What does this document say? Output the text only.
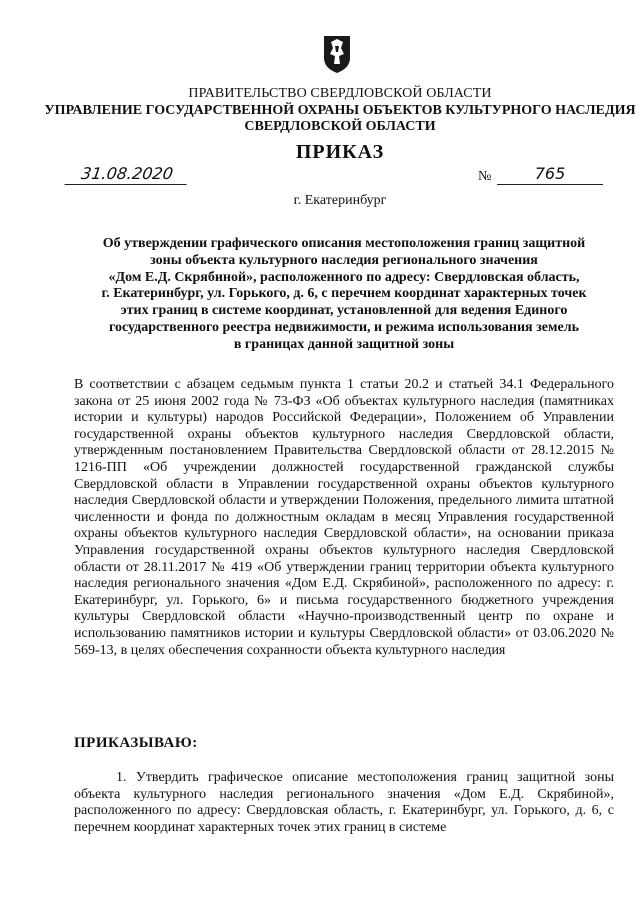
ПРАВИТЕЛЬСТВО СВЕРДЛОВСКОЙ ОБЛАСТИ
УПРАВЛЕНИЕ ГОСУДАРСТВЕННОЙ ОХРАНЫ ОБЪЕКТОВ КУЛЬТУРНОГО НАСЛЕДИЯ
СВЕРДЛОВСКОЙ ОБЛАСТИ
ПРИКАЗ
31.08.2020	№	765
г. Екатеринбург
Об утверждении графического описания местоположения границ защитной
зоны объекта культурного наследия регионального значения
«Дом Е.Д. Скрябиной», расположенного по адресу: Свердловская область,
г. Екатеринбург, ул. Горького, д. 6, с перечнем координат характерных точек
этих границ в системе координат, установленной для ведения Единого
государственного реестра недвижимости, и режима использования земель
в границах данной защитной зоны

В соответствии с абзацем седьмым пункта 1 статьи 20.2 и статьей 34.1 Федерального закона от 25 июня 2002 года № 73-ФЗ «Об объектах культурного наследия (памятниках истории и культуры) народов Российской Федерации», Положением об Управлении государственной охраны объектов культурного наследия Свердловской области, утвержденным постановлением Правительства Свердловской области от 28.12.2015 № 1216-ПП «Об учреждении должностей государственной гражданской службы Свердловской области в Управлении государственной охраны объектов культурного наследия Свердловской области и утверждении Положения, предельного лимита штатной численности и фонда по должностным окладам в месяц Управления государственной охраны объектов культурного наследия Свердловской области», на основании приказа Управления государственной охраны объектов культурного наследия Свердловской области от 28.11.2017 № 419 «Об утверждении границ территории объекта культурного наследия регионального значения «Дом Е.Д. Скрябиной», расположенного по адресу: г. Екатеринбург, ул. Горького, 6» и письма государственного бюджетного учреждения культуры Свердловской области «Научно-производственный центр по охране и использованию памятников истории и культуры Свердловской области» от 03.06.2020 № 569-13, в целях обеспечения сохранности объекта культурного наследия

ПРИКАЗЫВАЮ:

1. Утвердить графическое описание местоположения границ защитной зоны объекта культурного наследия регионального значения «Дом Е.Д. Скрябиной», расположенного по адресу: Свердловская область, г. Екатеринбург, ул. Горького, д. 6, с перечнем координат характерных точек этих границ в системе
